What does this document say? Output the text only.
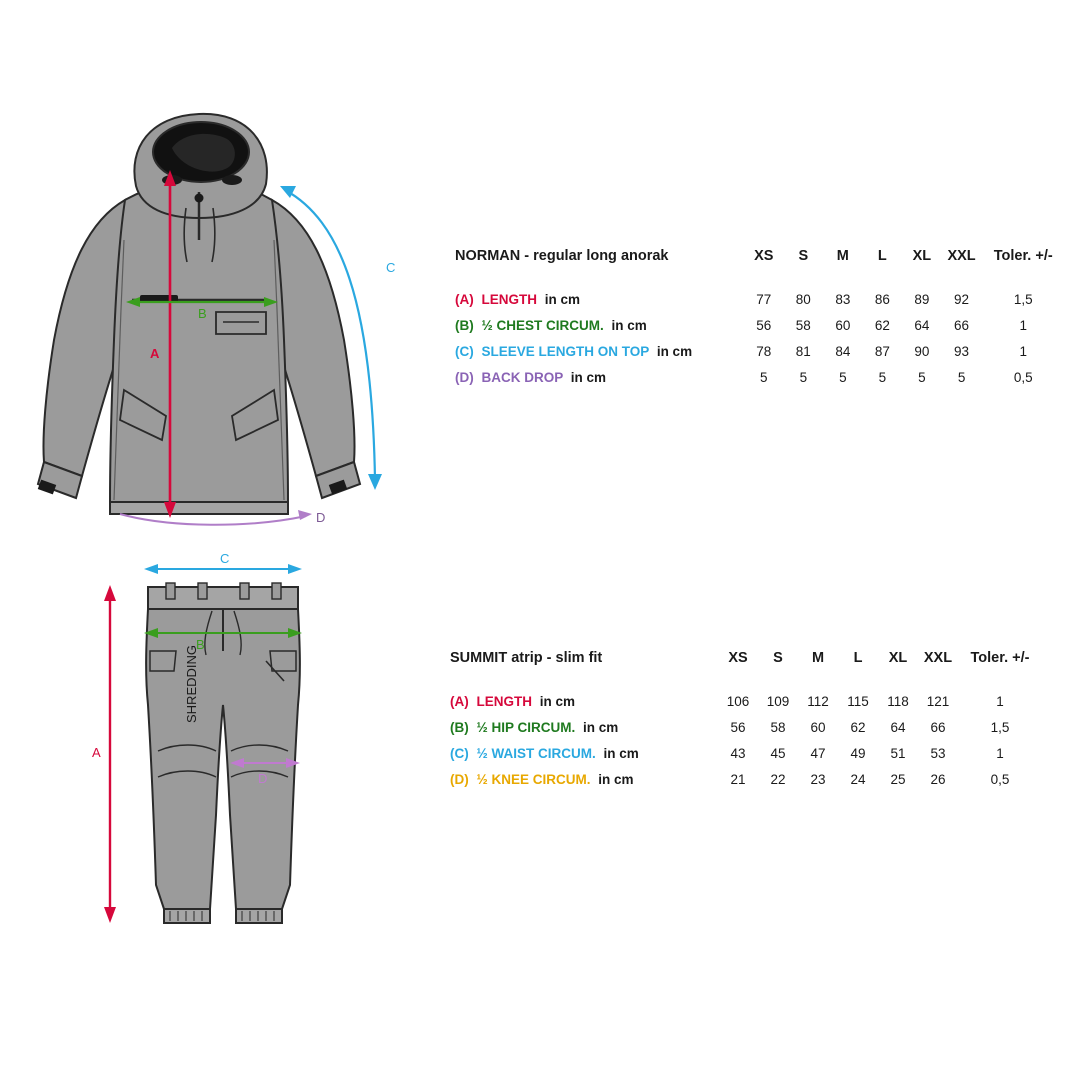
A
B
C
D
SHREDDING
A
B
C
D
NORMAN - regular long anorak	XS	S	M	L	XL	XXL	Toler. +/-
(A) LENGTH in cm	77	80	83	86	89	92	1,5
(B) ½ CHEST CIRCUM. in cm	56	58	60	62	64	66	1
(C) SLEEVE LENGTH ON TOP in cm	78	81	84	87	90	93	1
(D) BACK DROP in cm	5	5	5	5	5	5	0,5
SUMMIT atrip - slim fit	XS	S	M	L	XL	XXL	Toler. +/-
(A) LENGTH in cm	106	109	112	115	118	121	1
(B) ½ HIP CIRCUM. in cm	56	58	60	62	64	66	1,5
(C) ½ WAIST CIRCUM. in cm	43	45	47	49	51	53	1
(D) ½ KNEE CIRCUM. in cm	21	22	23	24	25	26	0,5
